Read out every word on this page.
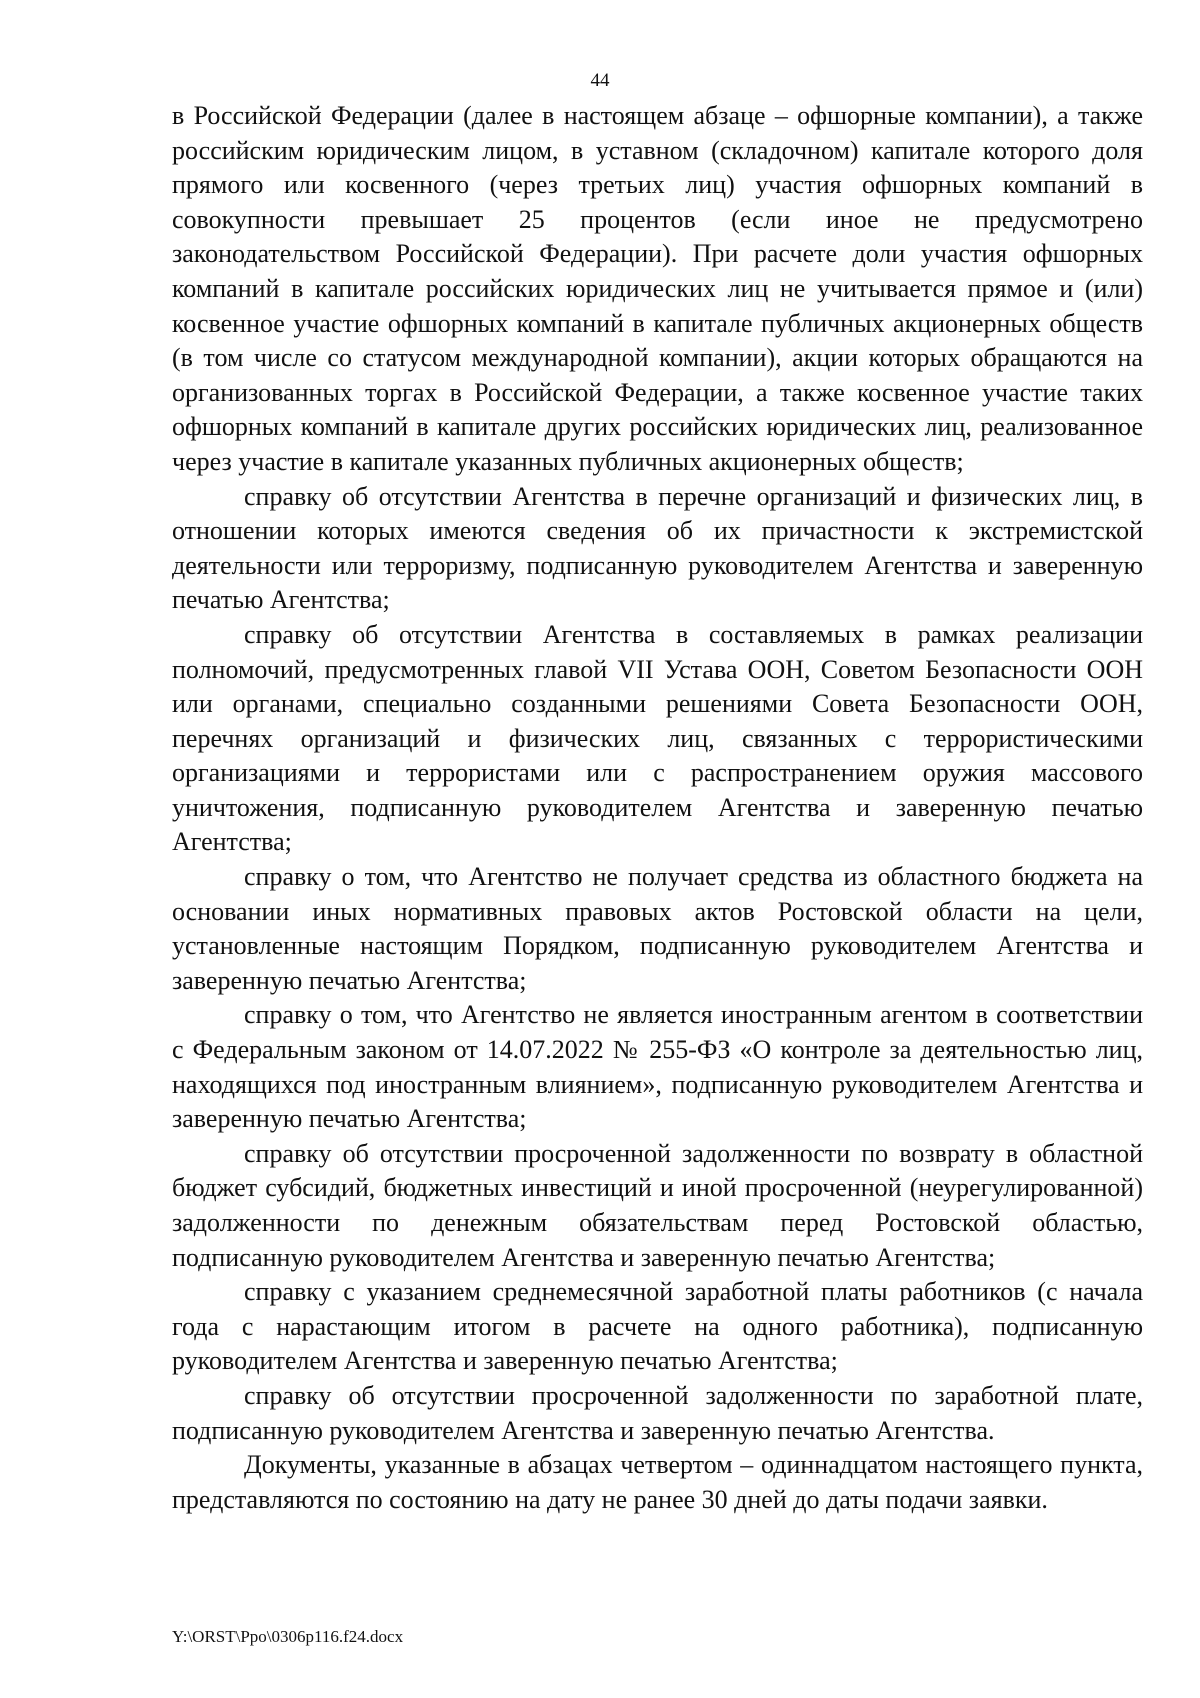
44

в Российской Федерации (далее в настоящем абзаце – офшорные компании), а также российским юридическим лицом, в уставном (складочном) капитале которого доля прямого или косвенного (через третьих лиц) участия офшорных компаний в совокупности превышает 25 процентов (если иное не предусмотрено законодательством Российской Федерации). При расчете доли участия офшорных компаний в капитале российских юридических лиц не учитывается прямое и (или) косвенное участие офшорных компаний в капитале публичных акционерных обществ (в том числе со статусом международной компании), акции которых обращаются на организованных торгах в Российской Федерации, а также косвенное участие таких офшорных компаний в капитале других российских юридических лиц, реализованное через участие в капитале указанных публичных акционерных обществ;

справку об отсутствии Агентства в перечне организаций и физических лиц, в отношении которых имеются сведения об их причастности к экстремистской деятельности или терроризму, подписанную руководителем Агентства и заверенную печатью Агентства;

справку об отсутствии Агентства в составляемых в рамках реализации полномочий, предусмотренных главой VII Устава ООН, Советом Безопасности ООН или органами, специально созданными решениями Совета Безопасности ООН, перечнях организаций и физических лиц, связанных с террористическими организациями и террористами или с распространением оружия массового уничтожения, подписанную руководителем Агентства и заверенную печатью Агентства;

справку о том, что Агентство не получает средства из областного бюджета на основании иных нормативных правовых актов Ростовской области на цели, установленные настоящим Порядком, подписанную руководителем Агентства и заверенную печатью Агентства;

справку о том, что Агентство не является иностранным агентом в соответствии с Федеральным законом от 14.07.2022 № 255-ФЗ «О контроле за деятельностью лиц, находящихся под иностранным влиянием», подписанную руководителем Агентства и заверенную печатью Агентства;

справку об отсутствии просроченной задолженности по возврату в областной бюджет субсидий, бюджетных инвестиций и иной просроченной (неурегулированной) задолженности по денежным обязательствам перед Ростовской областью, подписанную руководителем Агентства и заверенную печатью Агентства;

справку с указанием среднемесячной заработной платы работников (с начала года с нарастающим итогом в расчете на одного работника), подписанную руководителем Агентства и заверенную печатью Агентства;

справку об отсутствии просроченной задолженности по заработной плате, подписанную руководителем Агентства и заверенную печатью Агентства.

Документы, указанные в абзацах четвертом – одиннадцатом настоящего пункта, представляются по состоянию на дату не ранее 30 дней до даты подачи заявки.

Y:\ORST\Ppo\0306p116.f24.docx
